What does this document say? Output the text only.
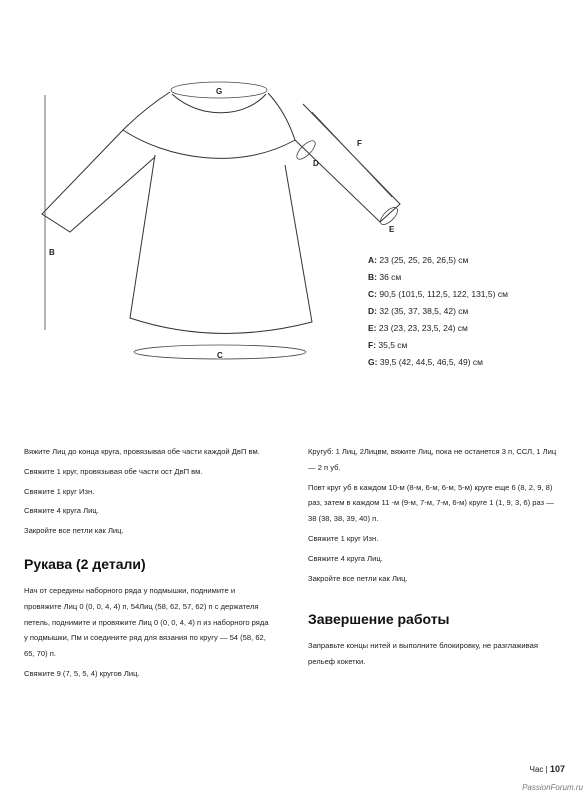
G
F
D
E
B
C
A: 23 (25, 25, 26, 26,5) см
B: 36 см
C: 90,5 (101,5, 112,5, 122, 131,5) см
D: 32 (35, 37, 38,5, 42) см
E: 23 (23, 23, 23,5, 24) см
F: 35,5 см
G: 39,5 (42, 44,5, 46,5, 49) см

Вяжите Лиц до конца круга, провязывая обе части каждой ДвП вм.

Свяжите 1 круг, провязывая обе части ост ДвП вм.

Свяжите 1 круг Изн.

Свяжите 4 круга Лиц.

Закройте все петли как Лиц.

Рукава (2 детали)

Нач от середины наборного ряда у подмышки, поднимите и провяжите Лиц 0 (0, 0, 4, 4) п, 54Лиц (58, 62, 57, 62) п с держателя петель, поднимите и провяжите Лиц 0 (0, 0, 4, 4) п из наборного ряда у подмышки, Пм и соедините ряд для вязания по кругу — 54 (58, 62, 65, 70) п.

Свяжите 9 (7, 5, 5, 4) кругов Лиц.

Кругуб: 1 Лиц, 2Лицвм, вяжите Лиц, пока не останется 3 п, ССЛ, 1 Лиц — 2 п уб.

Повт круг уб в каждом 10-м (8-м, 6-м, 6-м, 5-м) круге еще 6 (8, 2, 9, 8) раз, затем в каждом 11 -м (9-м, 7-м, 7-м, 6-м) круге 1 (1, 9, 3, 6) раз — 38 (38, 38, 39, 40) п.

Свяжите 1 круг Изн.

Свяжите 4 круга Лиц.

Закройте все петли как Лиц.

Завершение работы

Заправьте концы нитей и выполните блокировку, не разглаживая рельеф кокетки.

Час | 107
PassionForum.ru
